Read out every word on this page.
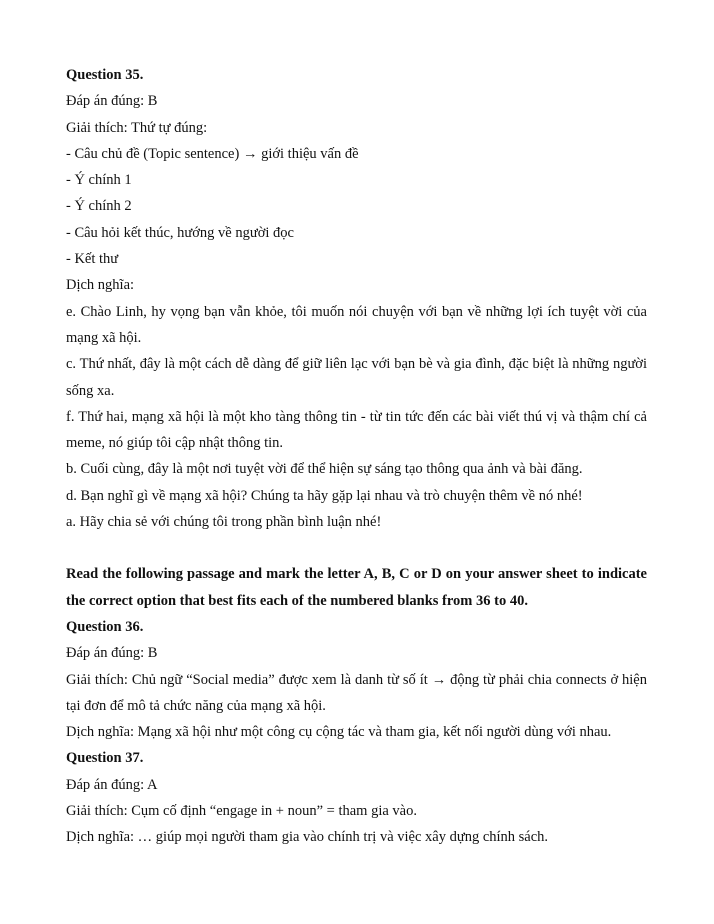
Question 35.
Đáp án đúng: B
Giải thích: Thứ tự đúng:
- Câu chủ đề (Topic sentence) → giới thiệu vấn đề
- Ý chính 1
- Ý chính 2
- Câu hỏi kết thúc, hướng về người đọc
- Kết thư
Dịch nghĩa:
e. Chào Linh, hy vọng bạn vẫn khỏe, tôi muốn nói chuyện với bạn về những lợi ích tuyệt vời của mạng xã hội.
c. Thứ nhất, đây là một cách dễ dàng để giữ liên lạc với bạn bè và gia đình, đặc biệt là những người sống xa.
f. Thứ hai, mạng xã hội là một kho tàng thông tin - từ tin tức đến các bài viết thú vị và thậm chí cả meme, nó giúp tôi cập nhật thông tin.
b. Cuối cùng, đây là một nơi tuyệt vời để thể hiện sự sáng tạo thông qua ảnh và bài đăng.
d. Bạn nghĩ gì về mạng xã hội? Chúng ta hãy gặp lại nhau và trò chuyện thêm về nó nhé!
a. Hãy chia sẻ với chúng tôi trong phần bình luận nhé!
Read the following passage and mark the letter A, B, C or D on your answer sheet to indicate the correct option that best fits each of the numbered blanks from 36 to 40.
Question 36.
Đáp án đúng: B
Giải thích: Chủ ngữ “Social media” được xem là danh từ số ít → động từ phải chia connects ở hiện tại đơn để mô tả chức năng của mạng xã hội.
Dịch nghĩa: Mạng xã hội như một công cụ cộng tác và tham gia, kết nối người dùng với nhau.
Question 37.
Đáp án đúng: A
Giải thích: Cụm cố định “engage in + noun” = tham gia vào.
Dịch nghĩa: … giúp mọi người tham gia vào chính trị và việc xây dựng chính sách.
